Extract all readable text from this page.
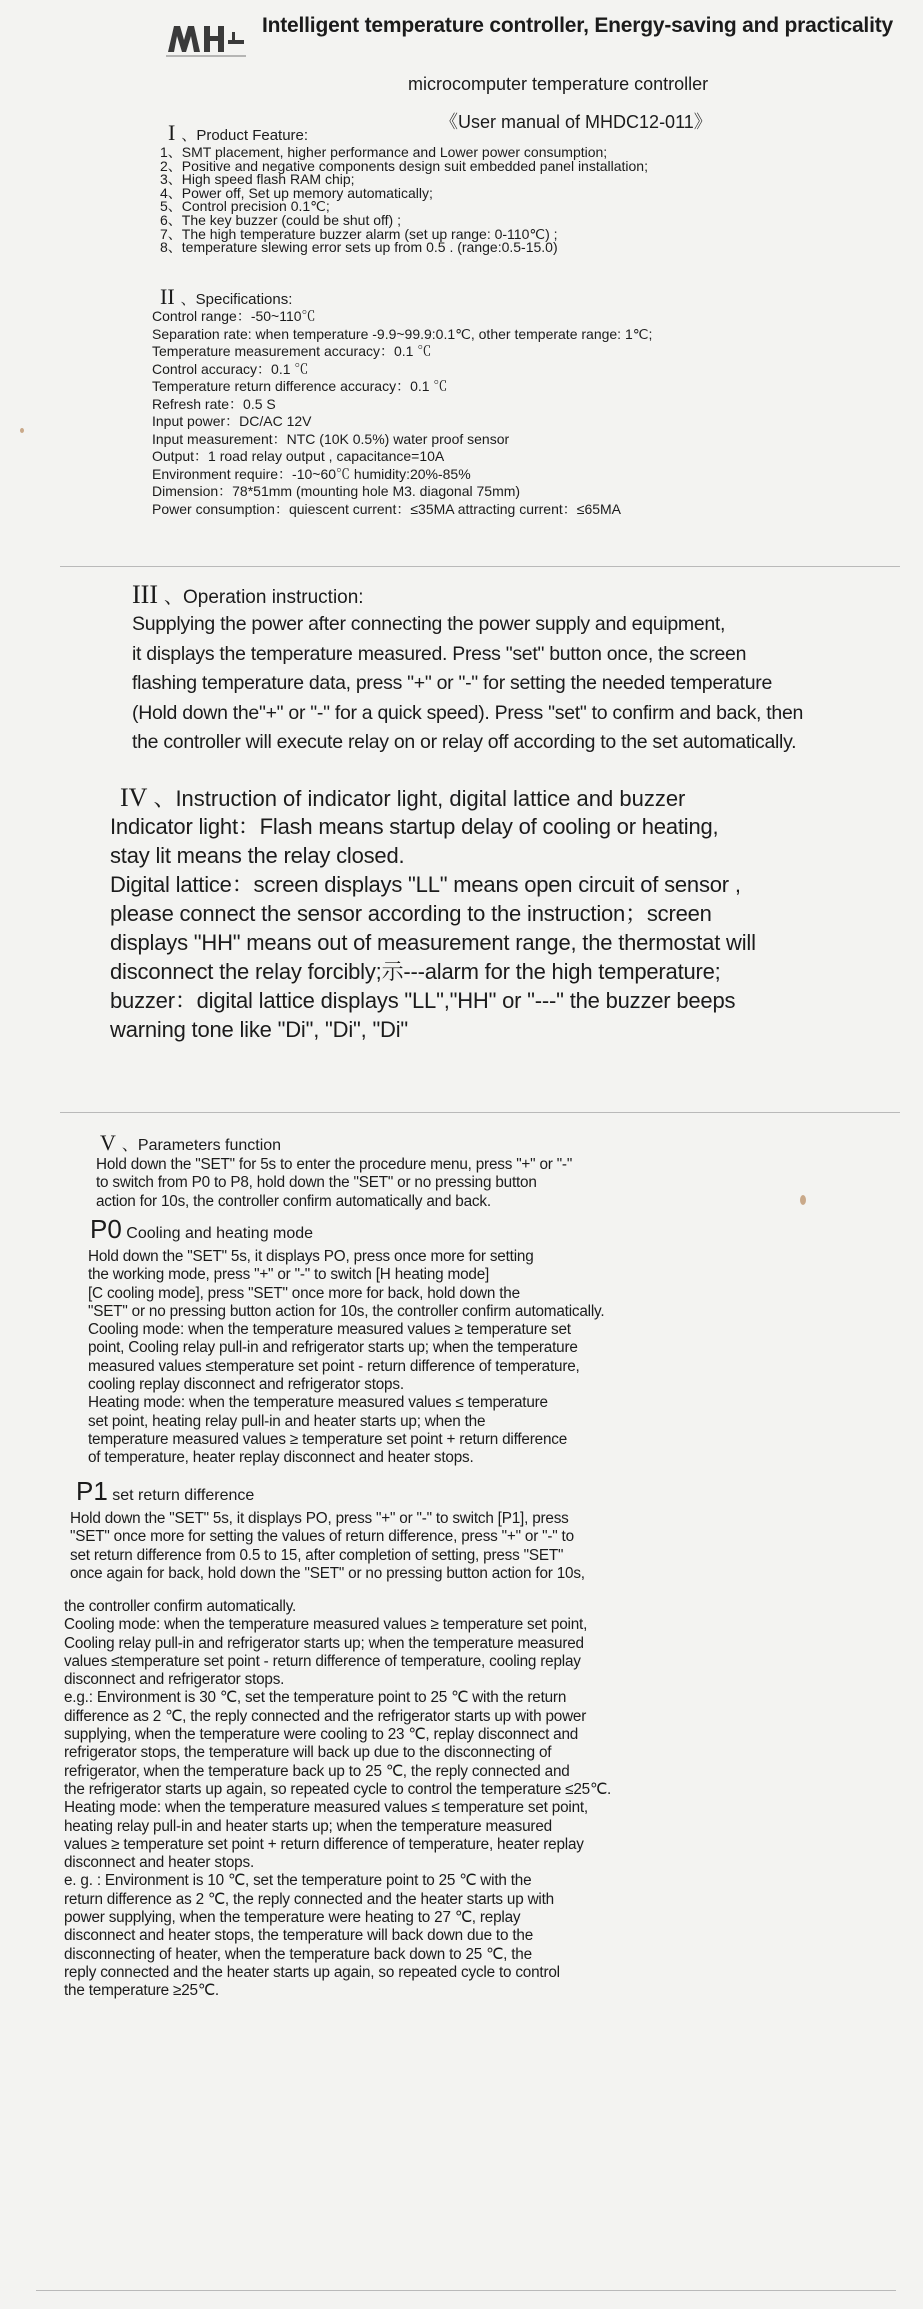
Intelligent temperature controller, Energy-saving and practicality
microcomputer temperature controller
《User manual of MHDC12-011》
I 、Product Feature:
1、SMT placement, higher performance and Lower power consumption;
2、Positive and negative components design suit embedded panel installation;
3、High speed flash RAM chip;
4、Power off, Set up memory automatically;
5、Control precision 0.1℃;
6、The key buzzer (could be shut off) ;
7、The high temperature buzzer alarm (set up range: 0-110℃) ;
8、temperature slewing error sets up from 0.5 . (range:0.5-15.0)
II 、Specifications:
Control range：-50~110℃
Separation rate: when temperature -9.9~99.9:0.1℃, other temperate range: 1℃;
Temperature measurement accuracy：0.1 ℃
Control accuracy：0.1 ℃
Temperature return difference accuracy：0.1 ℃
Refresh rate：0.5 S
Input power：DC/AC 12V
Input measurement：NTC (10K 0.5%) water proof sensor
Output：1 road relay output , capacitance=10A
Environment require：-10~60℃ humidity:20%-85%
Dimension：78*51mm (mounting hole M3. diagonal 75mm)
Power consumption：quiescent current：≤35MA attracting current：≤65MA
III 、Operation instruction:
Supplying the power after connecting the power supply and equipment,
it displays the temperature measured. Press "set" button once, the screen
flashing temperature data, press "+" or "-" for setting the needed temperature
(Hold down the"+" or "-" for a quick speed). Press "set" to confirm and back, then
the controller will execute relay on or relay off according to the set automatically.
IV 、Instruction of indicator light, digital lattice and buzzer
Indicator light：Flash means startup delay of cooling or heating,
stay lit means the relay closed.
Digital lattice：screen displays "LL" means open circuit of sensor ,
please connect the sensor according to the instruction；screen
displays "HH" means out of measurement range, the thermostat will
disconnect the relay forcibly;示---alarm for the high temperature;
buzzer：digital lattice displays "LL","HH" or "---" the buzzer beeps
warning tone like "Di", "Di", "Di"
V 、Parameters function
Hold down the "SET" for 5s to enter the procedure menu, press "+" or "-"
to switch from P0 to P8, hold down the "SET" or no pressing button
action for 10s, the controller confirm automatically and back.
P0 Cooling and heating mode
Hold down the "SET" 5s, it displays PO, press once more for setting
the working mode, press "+" or "-" to switch [H heating mode]
[C cooling mode], press "SET" once more for back, hold down the
"SET" or no pressing button action for 10s, the controller confirm automatically.
Cooling mode: when the temperature measured values ≥ temperature set
point, Cooling relay pull-in and refrigerator starts up; when the temperature
measured values ≤temperature set point - return difference of temperature,
cooling replay disconnect and refrigerator stops.
Heating mode: when the temperature measured values ≤ temperature
set point, heating relay pull-in and heater starts up; when the
temperature measured values ≥ temperature set point + return difference
of temperature, heater replay disconnect and heater stops.
P1 set return difference
Hold down the "SET" 5s, it displays PO, press "+" or "-" to switch [P1], press
"SET" once more for setting the values of return difference, press "+" or "-" to
set return difference from 0.5 to 15, after completion of setting, press "SET"
once again for back, hold down the "SET" or no pressing button action for 10s,
the controller confirm automatically.
Cooling mode: when the temperature measured values ≥ temperature set point,
Cooling relay pull-in and refrigerator starts up; when the temperature measured
values ≤temperature set point - return difference of temperature, cooling replay
disconnect and refrigerator stops.
e.g.: Environment is 30 ℃, set the temperature point to 25 ℃ with the return
difference as 2 ℃, the reply connected and the refrigerator starts up with power
supplying, when the temperature were cooling to 23 ℃, replay disconnect and
refrigerator stops, the temperature will back up due to the disconnecting of
refrigerator, when the temperature back up to 25 ℃, the reply connected and
the refrigerator starts up again, so repeated cycle to control the temperature ≤25℃.
Heating mode: when the temperature measured values ≤ temperature set point,
heating relay pull-in and heater starts up; when the temperature measured
values ≥ temperature set point + return difference of temperature, heater replay
disconnect and heater stops.
e. g. : Environment is 10 ℃, set the temperature point to 25 ℃ with the
return difference as 2 ℃, the reply connected and the heater starts up with
power supplying, when the temperature were heating to 27 ℃, replay
disconnect and heater stops, the temperature will back down due to the
disconnecting of heater, when the temperature back down to 25 ℃, the
reply connected and the heater starts up again, so repeated cycle to control
the temperature ≥25℃.
